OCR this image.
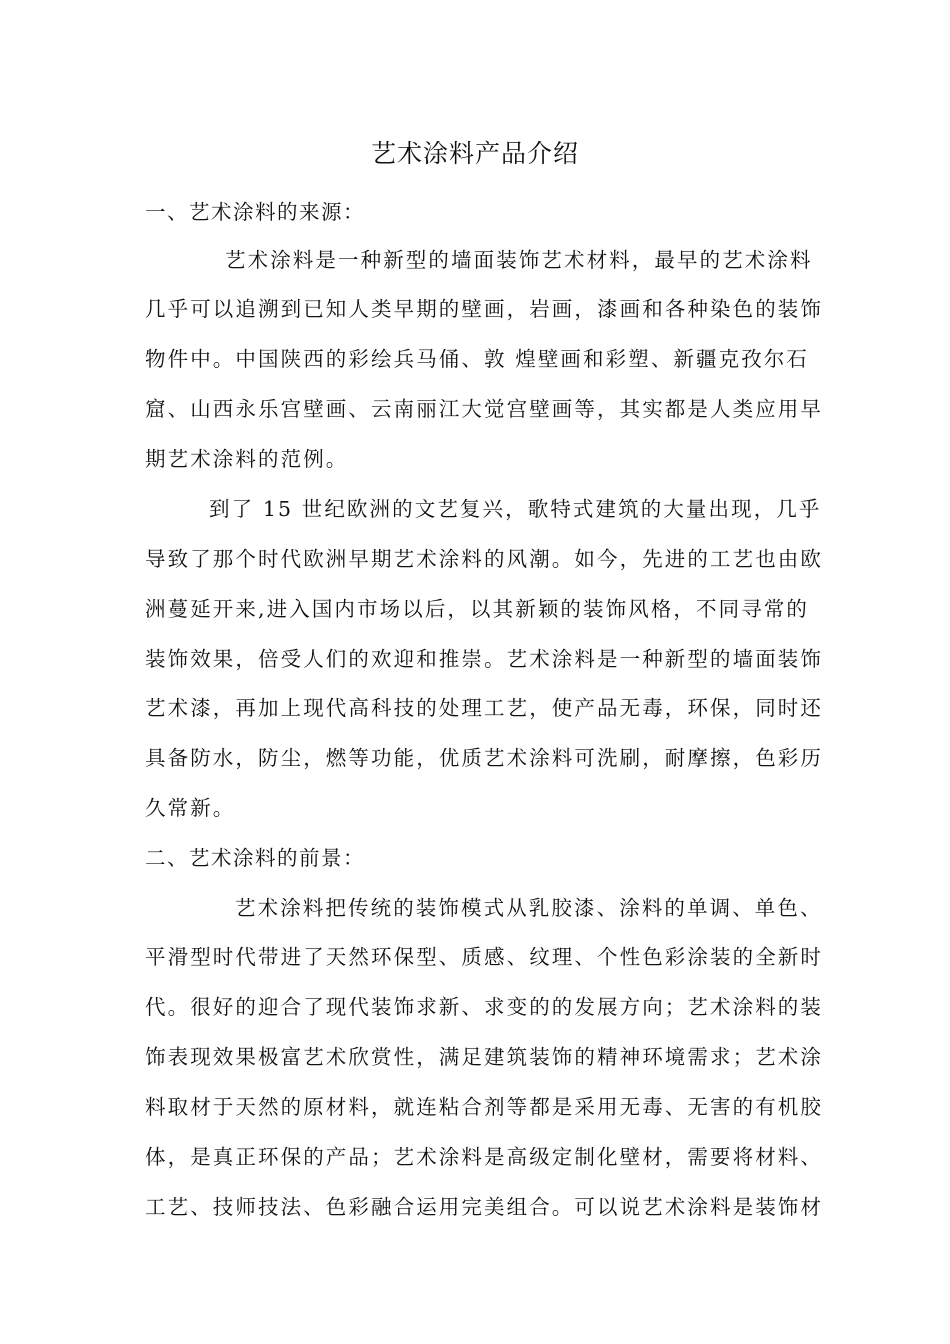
艺术涂料产品介绍
一、艺术涂料的来源：
艺术涂料是一种新型的墙面装饰艺术材料，最早的艺术涂料
几乎可以追溯到已知人类早期的壁画，岩画，漆画和各种染色的装饰
物件中。中国陕西的彩绘兵马俑、敦 煌壁画和彩塑、新疆克孜尔石
窟、山西永乐宫壁画、云南丽江大觉宫壁画等，其实都是人类应用早
期艺术涂料的范例。
到了 15 世纪欧洲的文艺复兴，歌特式建筑的大量出现，几乎
导致了那个时代欧洲早期艺术涂料的风潮。如今，先进的工艺也由欧
洲蔓延开来,进入国内市场以后，以其新颖的装饰风格，不同寻常的
装饰效果，倍受人们的欢迎和推崇。艺术涂料是一种新型的墙面装饰
艺术漆，再加上现代高科技的处理工艺，使产品无毒，环保，同时还
具备防水，防尘，燃等功能，优质艺术涂料可洗刷，耐摩擦，色彩历
久常新。
二、艺术涂料的前景：
艺术涂料把传统的装饰模式从乳胶漆、涂料的单调、单色、
平滑型时代带进了天然环保型、质感、纹理、个性色彩涂装的全新时
代。很好的迎合了现代装饰求新、求变的的发展方向；艺术涂料的装
饰表现效果极富艺术欣赏性，满足建筑装饰的精神环境需求；艺术涂
料取材于天然的原材料，就连粘合剂等都是采用无毒、无害的有机胶
体，是真正环保的产品；艺术涂料是高级定制化壁材，需要将材料、
工艺、技师技法、色彩融合运用完美组合。可以说艺术涂料是装饰材
